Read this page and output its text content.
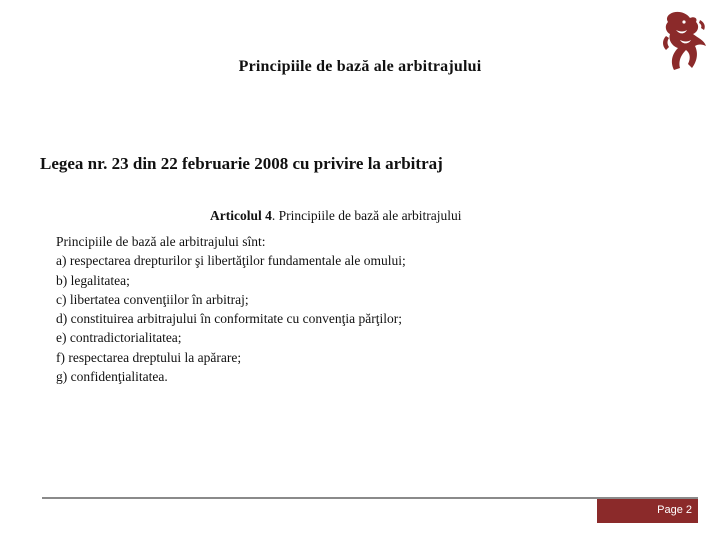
Principiile de bază ale arbitrajului
Legea nr. 23 din 22 februarie 2008 cu privire la arbitraj
Articolul 4. Principiile de bază ale arbitrajului
Principiile de bază ale arbitrajului sînt:
a) respectarea drepturilor şi libertăţilor fundamentale ale omului;
b) legalitatea;
c) libertatea convenţiilor în arbitraj;
d) constituirea arbitrajului în conformitate cu convenţia părţilor;
e) contradictorialitatea;
f) respectarea dreptului la apărare;
g) confidenţialitatea.
Page 2
